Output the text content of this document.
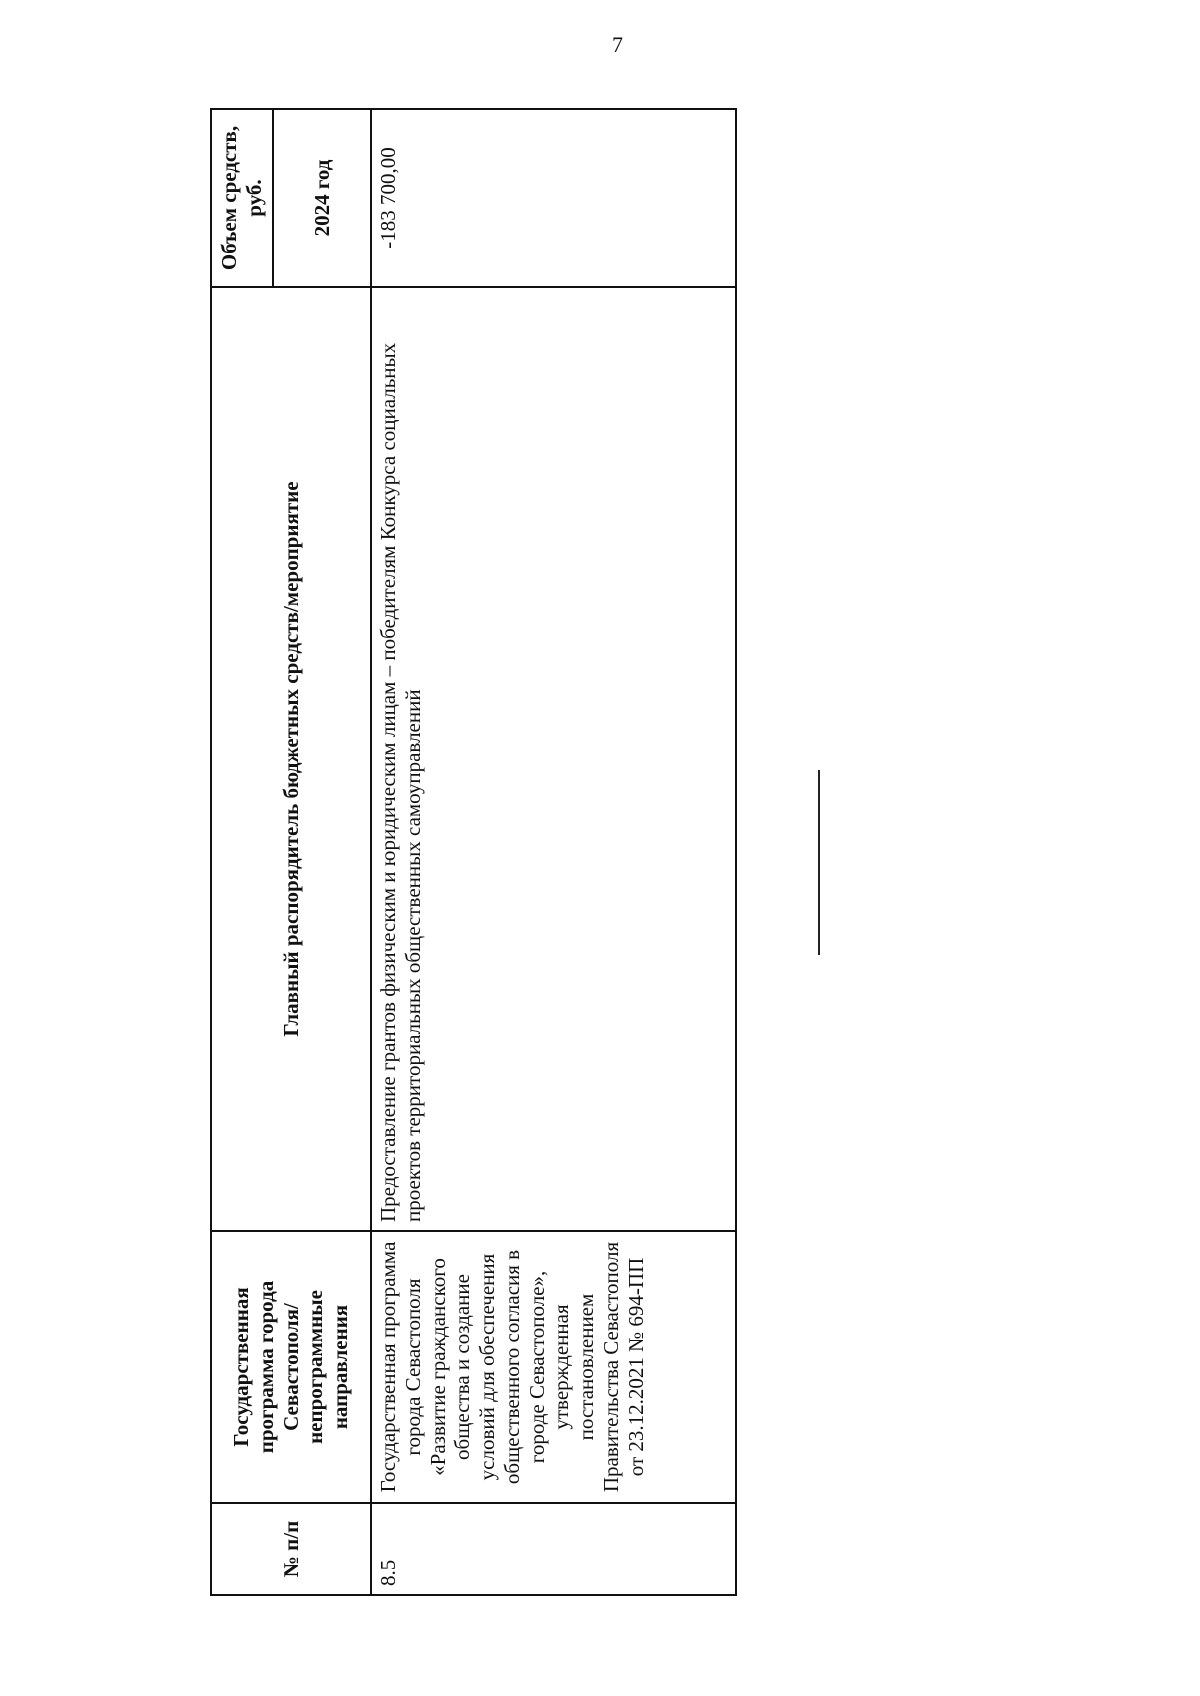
7
№ п/п	Государственная программа города Севастополя/ непрограммные направления	Главный распорядитель бюджетных средств/мероприятие	Объем средств, руб.
			2024 год
8.5	Государственная программа города Севастополя «Развитие гражданского общества и создание условий для обеспечения общественного согласия в городе Севастополе», утвержденная постановлением Правительства Севастополя от 23.12.2021 № 694-ПП	Предоставление грантов физическим и юридическим лицам – победителям Конкурса социальных проектов территориальных общественных самоуправлений	-183 700,00
